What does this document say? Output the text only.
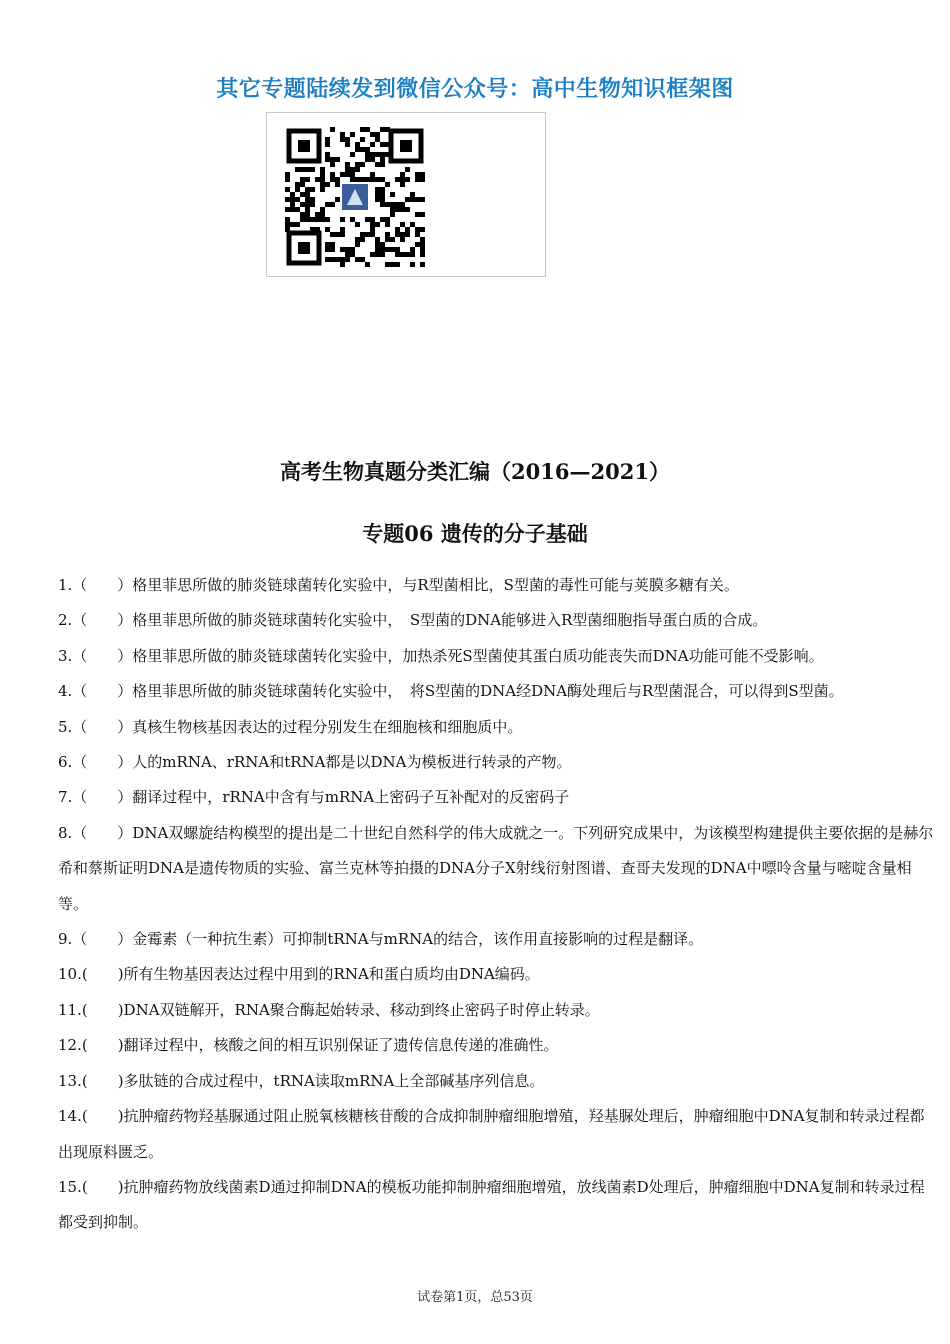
其它专题陆续发到微信公众号：高中生物知识框架图
高考生物真题分类汇编（2016—2021）
专题06 遗传的分子基础

1.（　　）格里菲思所做的肺炎链球菌转化实验中，与R型菌相比，S型菌的毒性可能与荚膜多糖有关。

2.（　　）格里菲思所做的肺炎链球菌转化实验中，　S型菌的DNA能够进入R型菌细胞指导蛋白质的合成。

3.（　　）格里菲思所做的肺炎链球菌转化实验中，加热杀死S型菌使其蛋白质功能丧失而DNA功能可能不受影响。

4.（　　）格里菲思所做的肺炎链球菌转化实验中，　将S型菌的DNA经DNA酶处理后与R型菌混合，可以得到S型菌。

5.（　　）真核生物核基因表达的过程分别发生在细胞核和细胞质中。

6.（　　）人的mRNA、rRNA和tRNA都是以DNA为模板进行转录的产物。

7.（　　）翻译过程中，rRNA中含有与mRNA上密码子互补配对的反密码子

8.（　　）DNA双螺旋结构模型的提出是二十世纪自然科学的伟大成就之一。下列研究成果中，为该模型构建提供主要依据的是赫尔希和蔡斯证明DNA是遗传物质的实验、富兰克林等拍摄的DNA分子X射线衍射图谱、查哥夫发现的DNA中嘌呤含量与嘧啶含量相等。

9.（　　）金霉素（一种抗生素）可抑制tRNA与mRNA的结合，该作用直接影响的过程是翻译。

10.(　　)所有生物基因表达过程中用到的RNA和蛋白质均由DNA编码。

11.(　　)DNA双链解开，RNA聚合酶起始转录、移动到终止密码子时停止转录。

12.(　　)翻译过程中，核酸之间的相互识别保证了遗传信息传递的准确性。

13.(　　)多肽链的合成过程中，tRNA读取mRNA上全部碱基序列信息。

14.(　　)抗肿瘤药物羟基脲通过阻止脱氧核糖核苷酸的合成抑制肿瘤细胞增殖，羟基脲处理后，肿瘤细胞中DNA复制和转录过程都出现原料匮乏。

15.(　　)抗肿瘤药物放线菌素D通过抑制DNA的模板功能抑制肿瘤细胞增殖，放线菌素D处理后，肿瘤细胞中DNA复制和转录过程都受到抑制。

试卷第1页，总53页
